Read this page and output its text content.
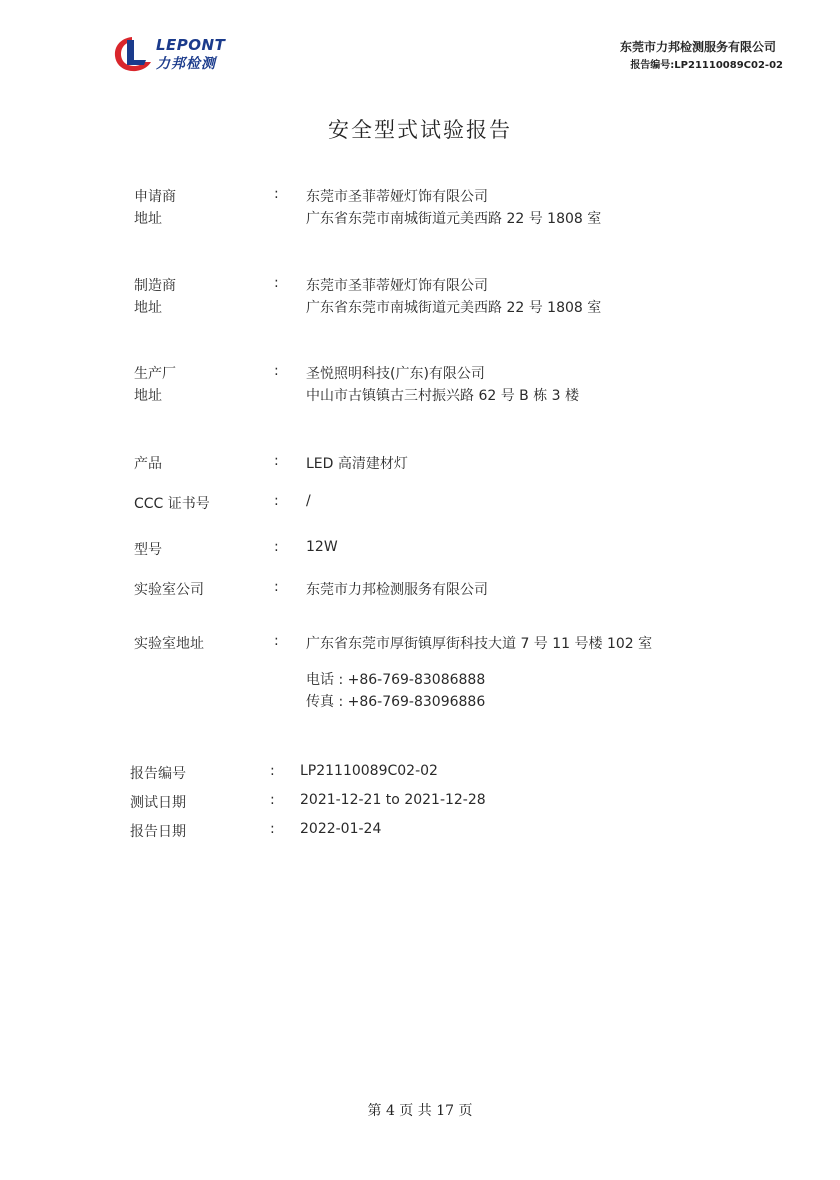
LEPONT
力邦检测
东莞市力邦检测服务有限公司
报告编号:LP21110089C02-02
安全型式试验报告
申请商	: 东莞市圣菲蒂娅灯饰有限公司
地址	广东省东莞市南城街道元美西路 22 号 1808 室
制造商	: 东莞市圣菲蒂娅灯饰有限公司
地址	广东省东莞市南城街道元美西路 22 号 1808 室
生产厂	: 圣悦照明科技(广东)有限公司
地址	中山市古镇镇古三村振兴路 62 号 B 栋 3 楼
产品	: LED 高清建材灯
CCC 证书号	: /
型号	: 12W
实验室公司	: 东莞市力邦检测服务有限公司
实验室地址	: 广东省东莞市厚街镇厚街科技大道 7 号 11 号楼 102 室
电话 : +86-769-83086888
传真 : +86-769-83096886
报告编号	: LP21110089C02-02
测试日期	: 2021-12-21 to 2021-12-28
报告日期	: 2022-01-24
第 4 页 共 17 页
